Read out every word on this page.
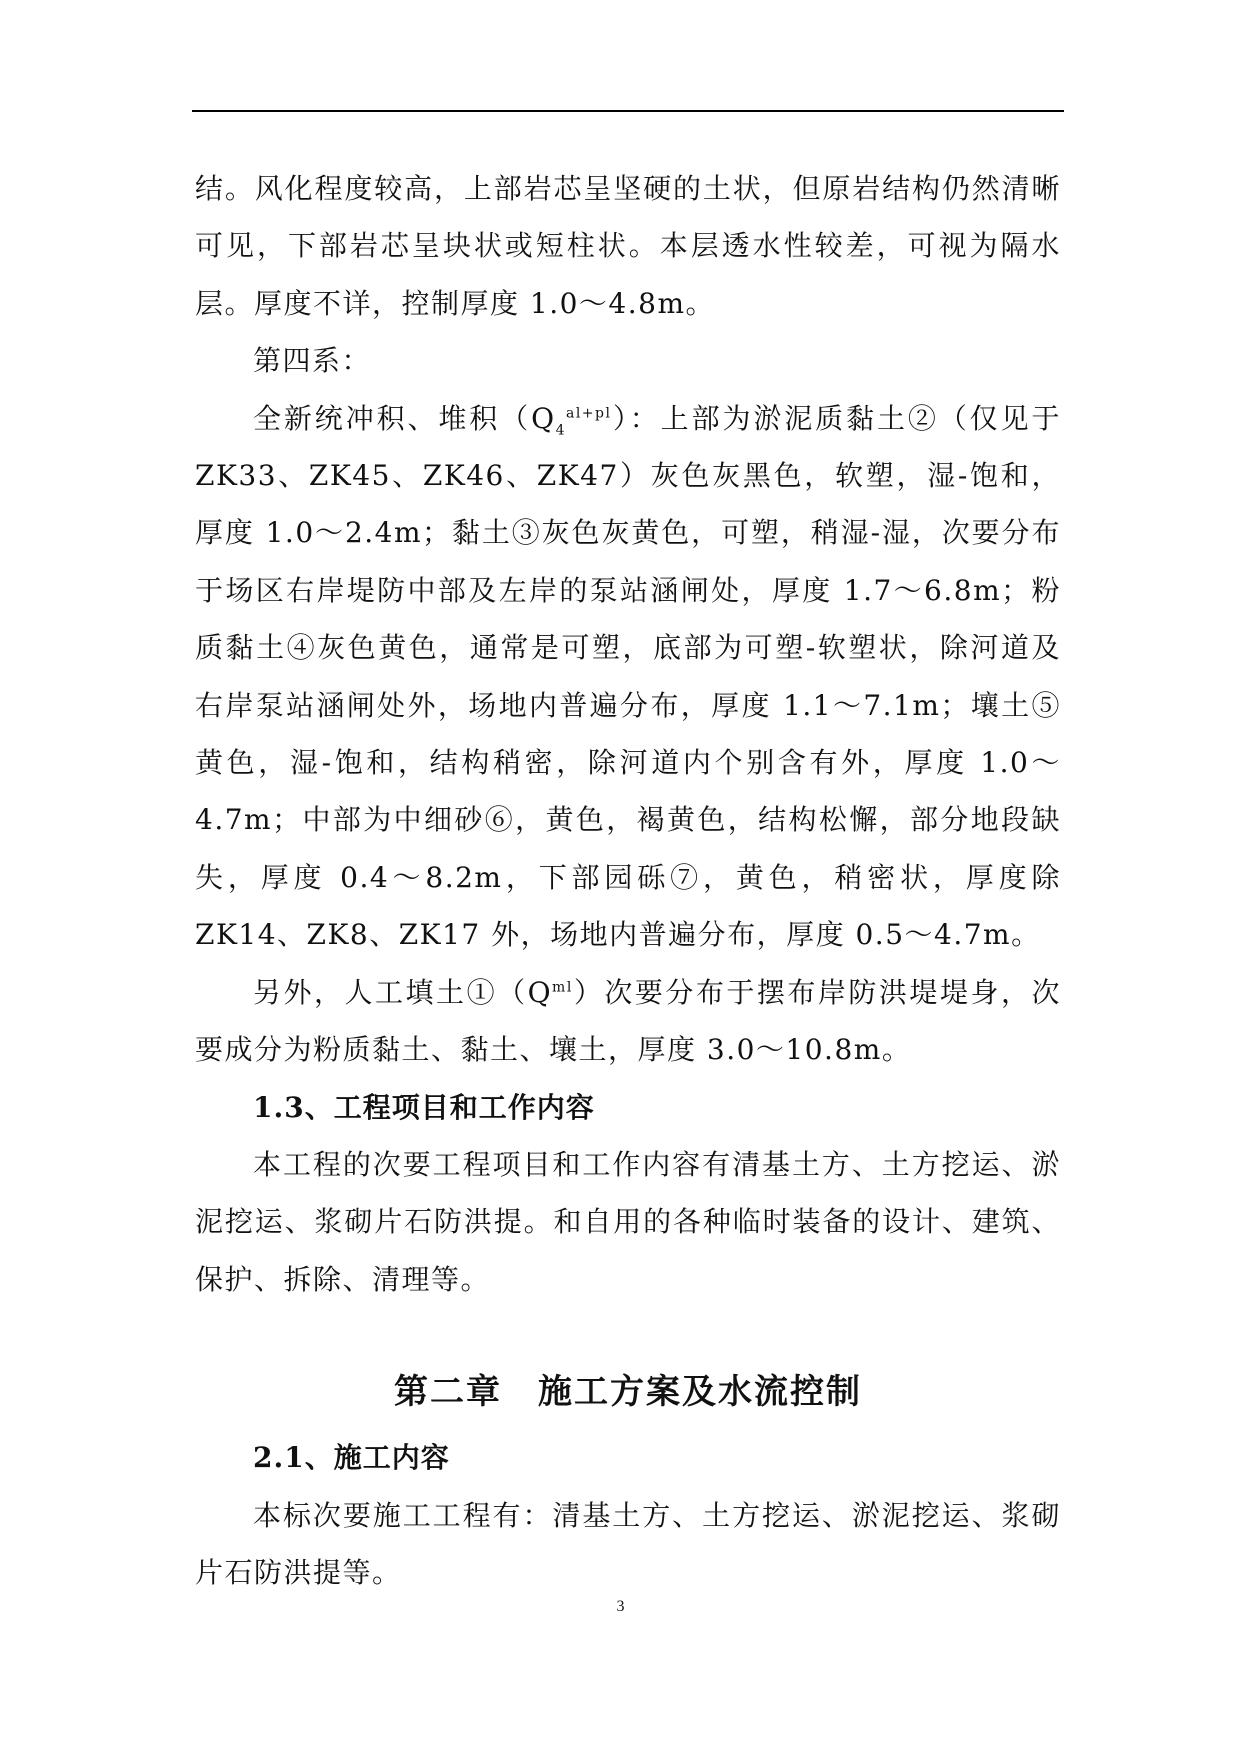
结。风化程度较高，上部岩芯呈坚硬的土状，但原岩结构仍然清晰可见，下部岩芯呈块状或短柱状。本层透水性较差，可视为隔水层。厚度不详，控制厚度 1.0～4.8m。

第四系：

全新统冲积、堆积$(Q_4^{al+pl})$：上部为淤泥质黏土②（仅见于 ZK33、ZK45、ZK46、ZK47）灰色灰黑色，软塑，湿-饱和，厚度 1.0～2.4m；黏土③灰色灰黄色，可塑，稍湿-湿，次要分布于场区右岸堤防中部及左岸的泵站涵闸处，厚度 1.7～6.8m；粉质黏土④灰色黄色，通常是可塑，底部为可塑-软塑状，除河道及右岸泵站涵闸处外，场地内普遍分布，厚度 1.1～7.1m；壤土⑤黄色，湿-饱和，结构稍密，除河道内个别含有外，厚度 1.0～4.7m；中部为中细砂⑥，黄色，褐黄色，结构松懈，部分地段缺失，厚度 0.4～8.2m，下部园砾⑦，黄色，稍密状，厚度除 ZK14、ZK8、ZK17 外，场地内普遍分布，厚度 0.5～4.7m。

另外，人工填土$①(Q^{ml})$次要分布于摆布岸防洪堤堤身，次要成分为粉质黏土、黏土、壤土，厚度 3.0～10.8m。

1.3、工程项目和工作内容

本工程的次要工程项目和工作内容有清基土方、土方挖运、淤泥挖运、浆砌片石防洪提。和自用的各种临时装备的设计、建筑、保护、拆除、清理等。

第二章　施工方案及水流控制

2.1、施工内容

本标次要施工工程有：清基土方、土方挖运、淤泥挖运、浆砌片石防洪提等。

3
